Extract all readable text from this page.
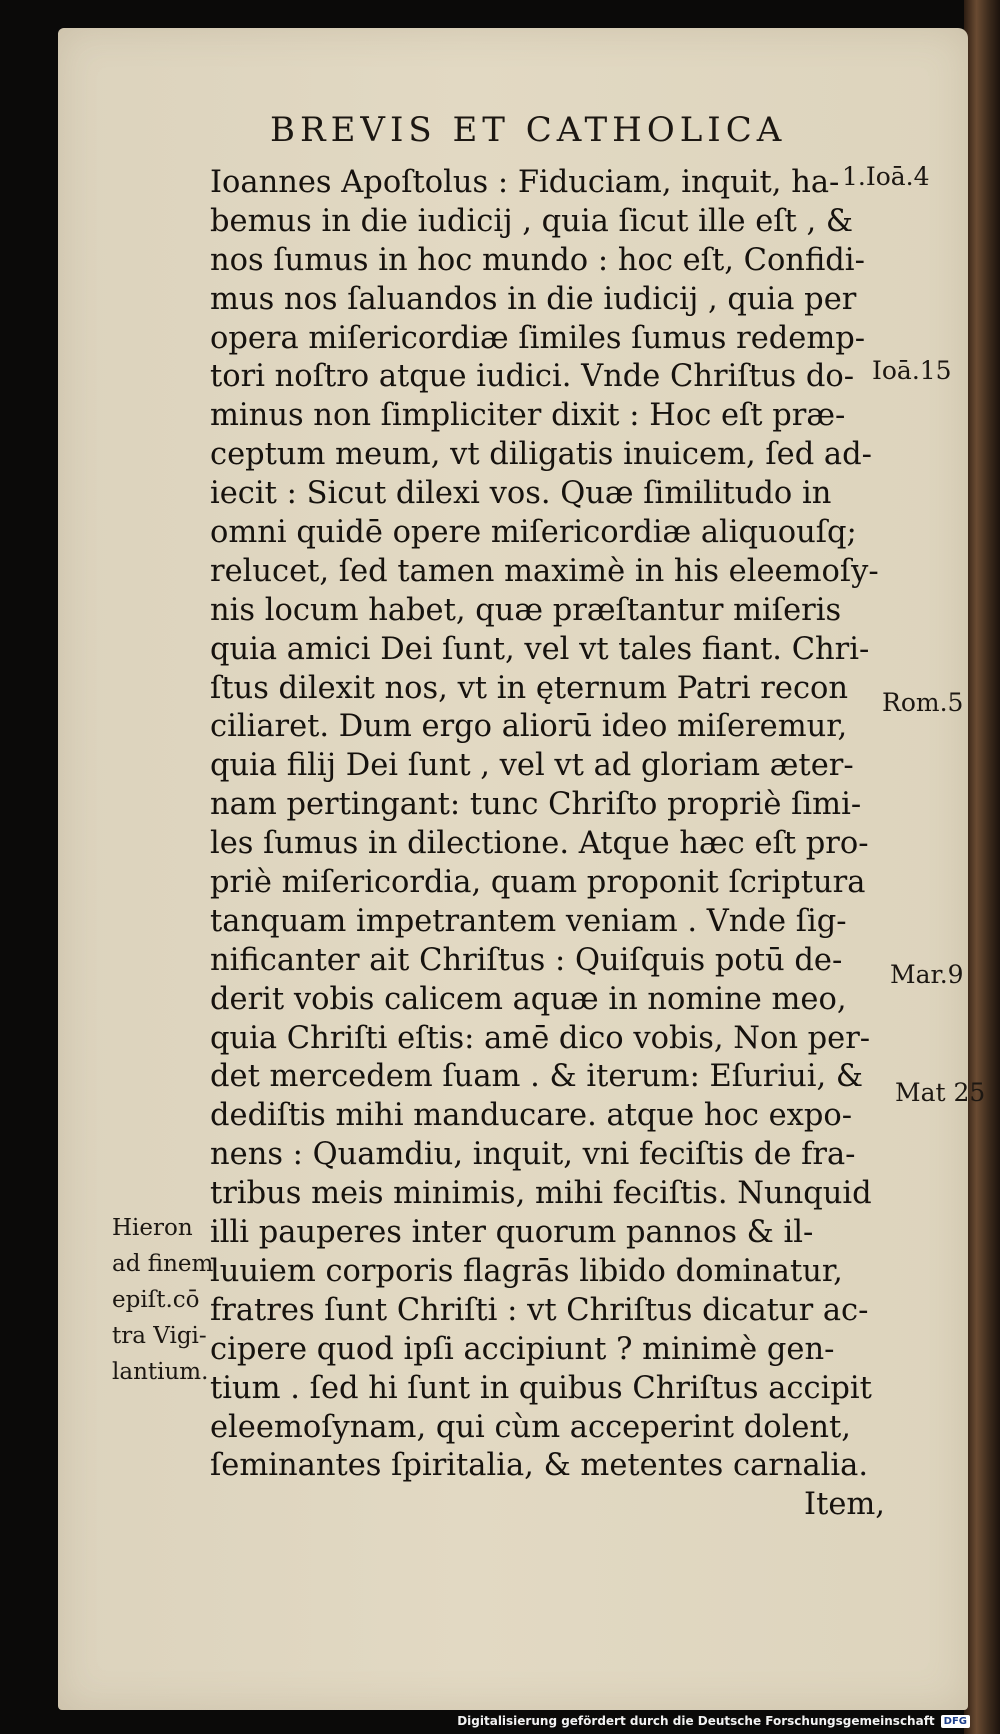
BREVIS ET CATHOLICA
Ioannes Apoſtolus : Fiduciam, inquit, ha-
bemus in die iudicij , quia ſicut ille eſt , &
nos ſumus in hoc mundo : hoc eſt, Confidi-
mus nos ſaluandos in die iudicij , quia per
opera miſericordiæ ſimiles ſumus redemp-
tori noſtro atque iudici. Vnde Chriſtus do-
minus non ſimpliciter dixit : Hoc eſt præ-
ceptum meum, vt diligatis inuicem, ſed ad-
iecit : Sicut dilexi vos. Quæ ſimilitudo in
omni quidē opere miſericordiæ aliquouſq;
relucet, ſed tamen maximè in his eleemoſy-
nis locum habet, quæ præſtantur miſeris
quia amici Dei ſunt, vel vt tales fiant. Chri-
ſtus dilexit nos, vt in ęternum Patri recon
ciliaret. Dum ergo aliorū ideo miſeremur,
quia filij Dei ſunt , vel vt ad gloriam æter-
nam pertingant: tunc Chriſto propriè ſimi-
les ſumus in dilectione. Atque hæc eſt pro-
priè miſericordia, quam proponit ſcriptura
tanquam impetrantem veniam . Vnde ſig-
nificanter ait Chriſtus : Quiſquis potū de-
derit vobis calicem aquæ in nomine meo,
quia Chriſti eſtis: amē dico vobis, Non per-
det mercedem ſuam . & iterum: Eſuriui, &
dediſtis mihi manducare. atque hoc expo-
nens : Quamdiu, inquit, vni feciſtis de fra-
tribus meis minimis, mihi feciſtis. Nunquid
illi pauperes inter quorum pannos & il-
luuiem corporis flagrās libido dominatur,
fratres ſunt Chriſti : vt Chriſtus dicatur ac-
cipere quod ipſi accipiunt ? minimè gen-
tium . ſed hi ſunt in quibus Chriſtus accipit
eleemoſynam, qui cùm acceperint dolent,
ſeminantes ſpiritalia, & metentes carnalia.
Item,
1.Ioā.4
Ioā.15
Rom.5
Mar.9
Mat 25
Hieron
ad finem
epiſt.cō
tra Vigi-
lantium.
Digitalisierung gefördert durch die Deutsche Forschungsgemeinschaft DFG
